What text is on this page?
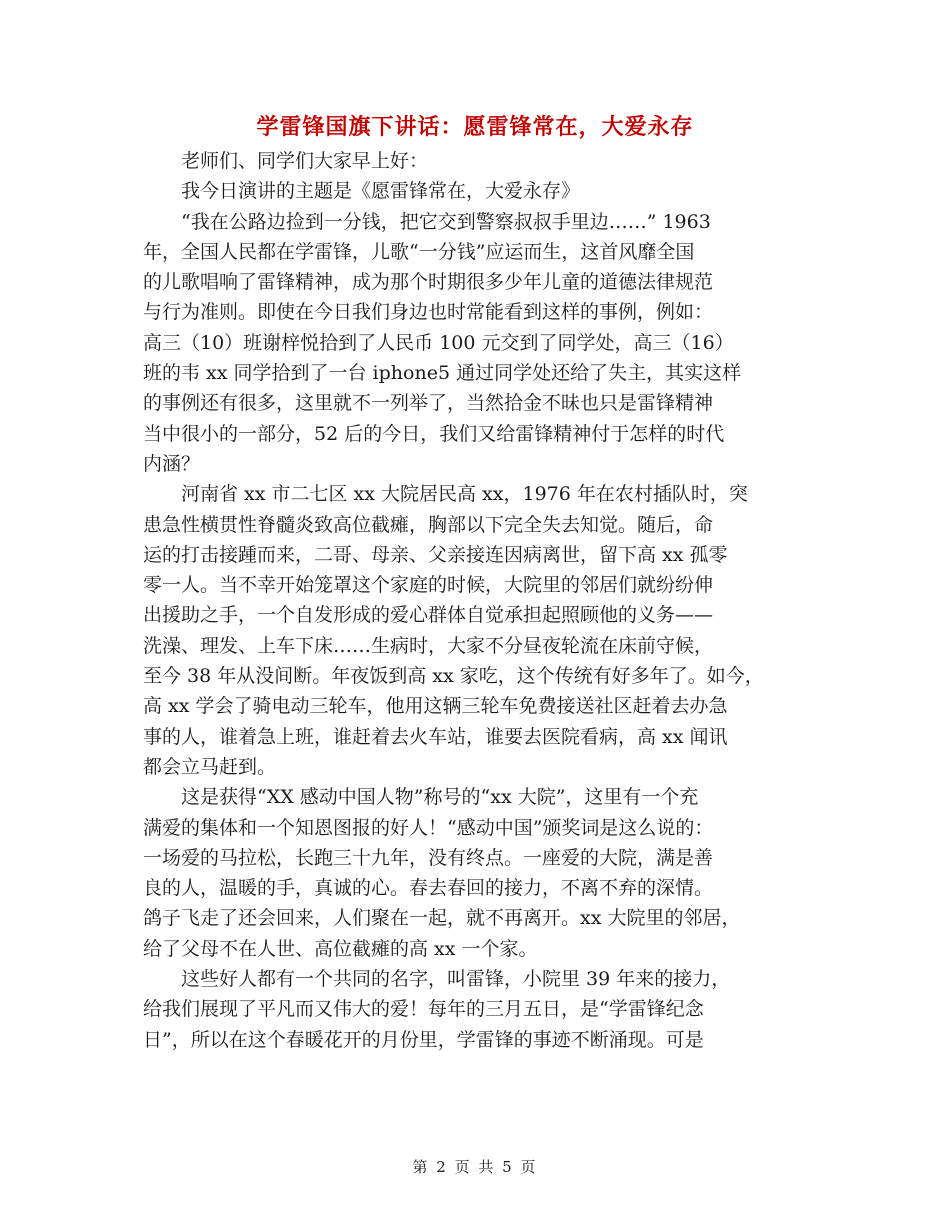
学雷锋国旗下讲话：愿雷锋常在，大爱永存
老师们、同学们大家早上好：
我今日演讲的主题是《愿雷锋常在，大爱永存》
“我在公路边捡到一分钱，把它交到警察叔叔手里边……” 1963
年，全国人民都在学雷锋，儿歌“一分钱”应运而生，这首风靡全国
的儿歌唱响了雷锋精神，成为那个时期很多少年儿童的道德法律规范
与行为准则。即使在今日我们身边也时常能看到这样的事例，例如：
高三（10）班谢梓悦拾到了人民币 100 元交到了同学处，高三（16）
班的韦 xx 同学拾到了一台 iphone5 通过同学处还给了失主，其实这样
的事例还有很多，这里就不一列举了，当然拾金不昧也只是雷锋精神
当中很小的一部分，52 后的今日，我们又给雷锋精神付于怎样的时代
内涵？
河南省 xx 市二七区 xx 大院居民高 xx，1976 年在农村插队时，突
患急性横贯性脊髓炎致高位截瘫，胸部以下完全失去知觉。随后，命
运的打击接踵而来，二哥、母亲、父亲接连因病离世，留下高 xx 孤零
零一人。当不幸开始笼罩这个家庭的时候，大院里的邻居们就纷纷伸
出援助之手，一个自发形成的爱心群体自觉承担起照顾他的义务——
洗澡、理发、上车下床……生病时，大家不分昼夜轮流在床前守候，
至今 38 年从没间断。年夜饭到高 xx 家吃，这个传统有好多年了。如今，
高 xx 学会了骑电动三轮车，他用这辆三轮车免费接送社区赶着去办急
事的人，谁着急上班，谁赶着去火车站，谁要去医院看病，高 xx 闻讯
都会立马赶到。
这是获得“XX 感动中国人物”称号的“xx 大院”，这里有一个充
满爱的集体和一个知恩图报的好人！“感动中国”颁奖词是这么说的：
一场爱的马拉松，长跑三十九年，没有终点。一座爱的大院，满是善
良的人，温暖的手，真诚的心。春去春回的接力，不离不弃的深情。
鸽子飞走了还会回来，人们聚在一起，就不再离开。xx 大院里的邻居，
给了父母不在人世、高位截瘫的高 xx 一个家。
这些好人都有一个共同的名字，叫雷锋，小院里 39 年来的接力，
给我们展现了平凡而又伟大的爱！每年的三月五日，是“学雷锋纪念
日”，所以在这个春暖花开的月份里，学雷锋的事迹不断涌现。可是
第 2 页 共 5 页
